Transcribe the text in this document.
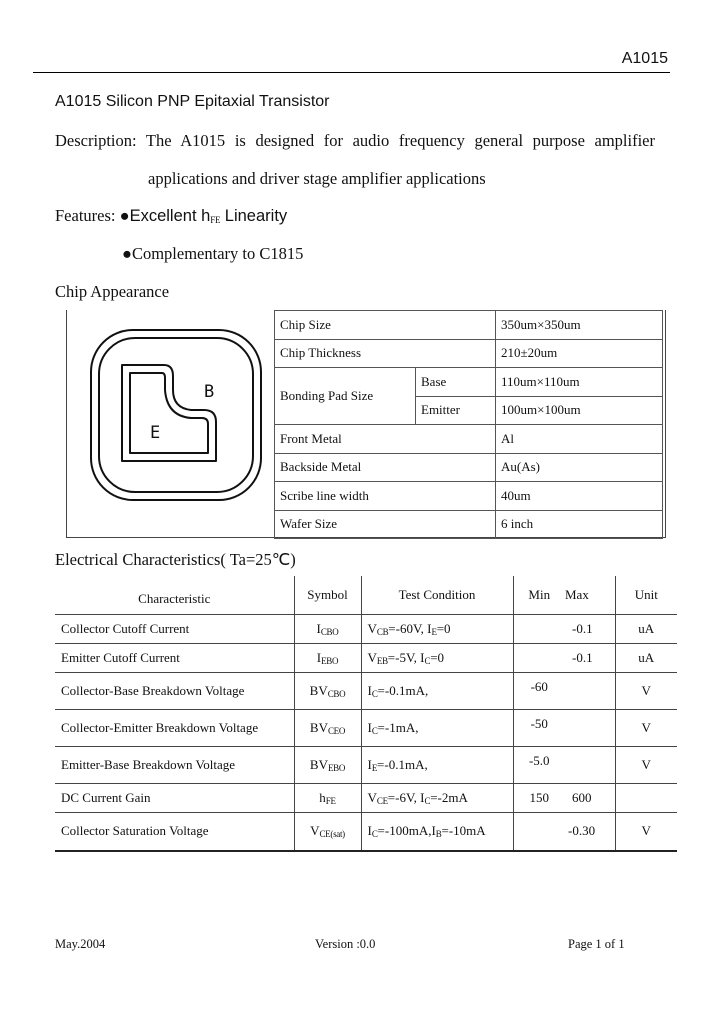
A1015
A1015 Silicon PNP Epitaxial Transistor
Description: The A1015 is designed for audio frequency general purpose amplifier
applications and driver stage amplifier applications
Features: ●Excellent $h_{FE}$ Linearity
●Complementary to C1815
Chip Appearance
B
E
Chip Size		350um×350um
Chip Thickness		210±20um
Bonding Pad Size	Base	110um×110um
	Emitter	100um×100um
Front Metal		Al
Backside Metal		Au(As)
Scribe line width		40um
Wafer Size		6 inch
Electrical Characteristics( Ta=25℃)
Characteristic	Symbol	Test Condition	Min	Max	Unit
Collector Cutoff Current	$I_{CBO}$	$V_{CB}=-60V$, $I_E=0$		-0.1	uA
Emitter Cutoff Current	$I_{EBO}$	$V_{EB}=-5V$, $I_C=0$		-0.1	uA
Collector-Base Breakdown Voltage	$BV_{CBO}$	$I_C=-0.1mA$,	-60		V
Collector-Emitter Breakdown Voltage	$BV_{CEO}$	$I_C=-1mA$,	-50		V
Emitter-Base Breakdown Voltage	$BV_{EBO}$	$I_E=-0.1mA$,	-5.0		V
DC Current Gain	$h_{FE}$	$V_{CE}=-6V$, $I_C=-2mA$	150	600	
Collector Saturation Voltage	$V_{CE(sat)}$	$I_C=-100mA,I_B=-10mA$		-0.30	V
May.2004	Version :0.0	Page 1 of 1
